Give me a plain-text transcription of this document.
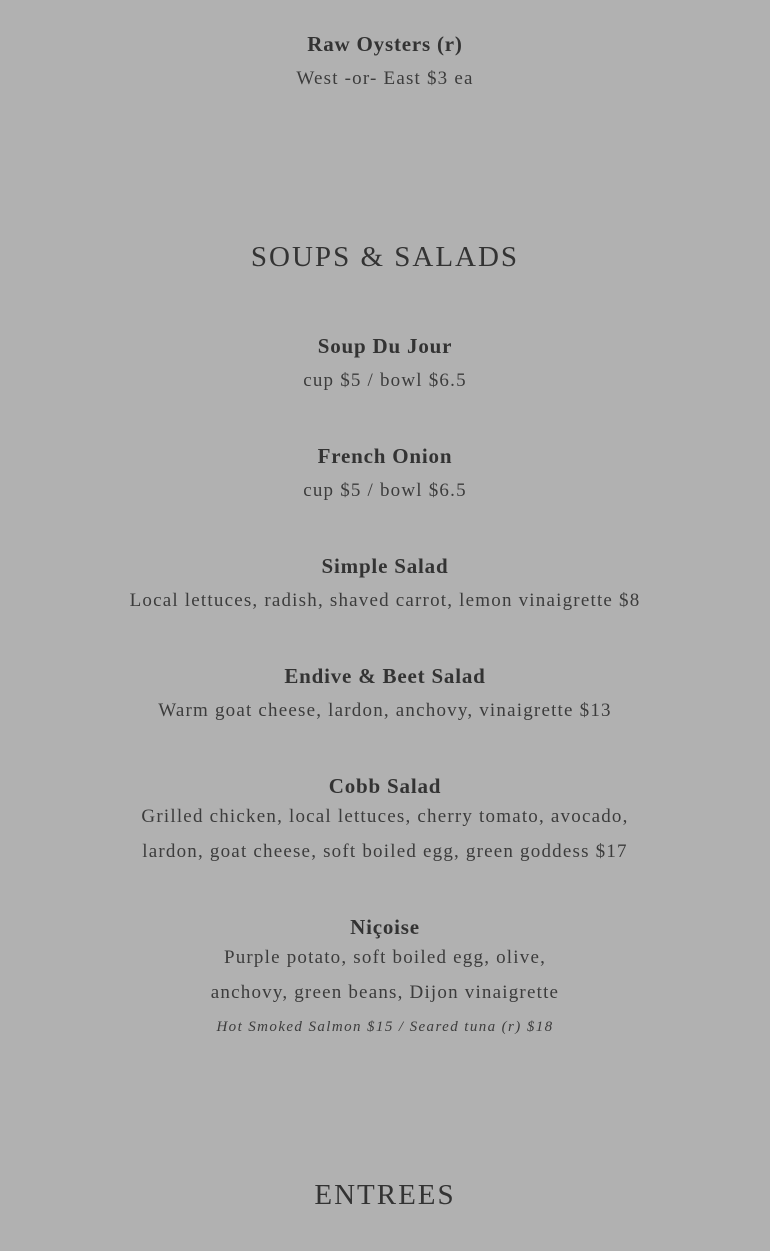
Raw Oysters (r)
West -or- East $3 ea
SOUPS & SALADS
Soup Du Jour
cup $5 / bowl $6.5
French Onion
cup $5 / bowl $6.5
Simple Salad
Local lettuces, radish, shaved carrot, lemon vinaigrette $8
Endive & Beet Salad
Warm goat cheese, lardon, anchovy, vinaigrette $13
Cobb Salad
Grilled chicken, local lettuces, cherry tomato, avocado,
lardon, goat cheese, soft boiled egg, green goddess $17
Niçoise
Purple potato, soft boiled egg, olive,
anchovy, green beans, Dijon vinaigrette
Hot Smoked Salmon $15 / Seared tuna (r) $18
ENTREES
